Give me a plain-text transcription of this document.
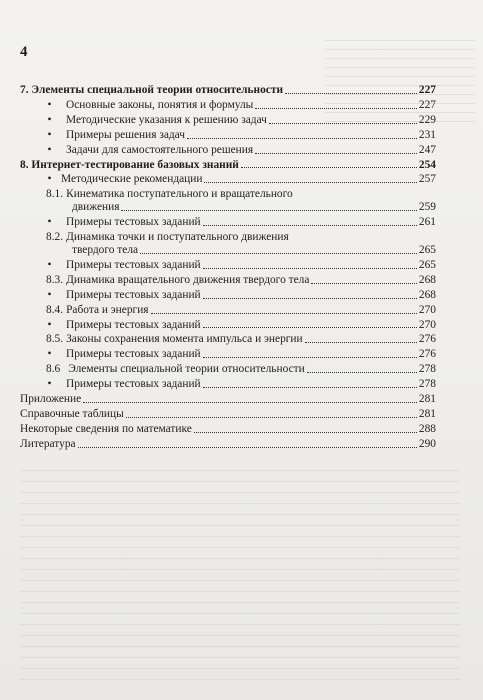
4
7. Элементы специальной теории относительности	227
• Основные законы, понятия и формулы	227
• Методические указания к решению задач	229
• Примеры решения задач	231
• Задачи для самостоятельного решения	247
8. Интернет-тестирование базовых знаний	254
• Методические рекомендации	257
8.1. Кинематика поступательного и вращательного
движения	259
• Примеры тестовых заданий	261
8.2. Динамика точки и поступательного движения
твердого тела	265
• Примеры тестовых заданий	265
8.3. Динамика вращательного движения твердого тела	268
• Примеры тестовых заданий	268
8.4. Работа и энергия	270
• Примеры тестовых заданий	270
8.5. Законы сохранения момента импульса и энергии	276
• Примеры тестовых заданий	276
8.6 Элементы специальной теории относительности	278
• Примеры тестовых заданий	278
Приложение	281
Справочные таблицы	281
Некоторые сведения по математике	288
Литература	290
